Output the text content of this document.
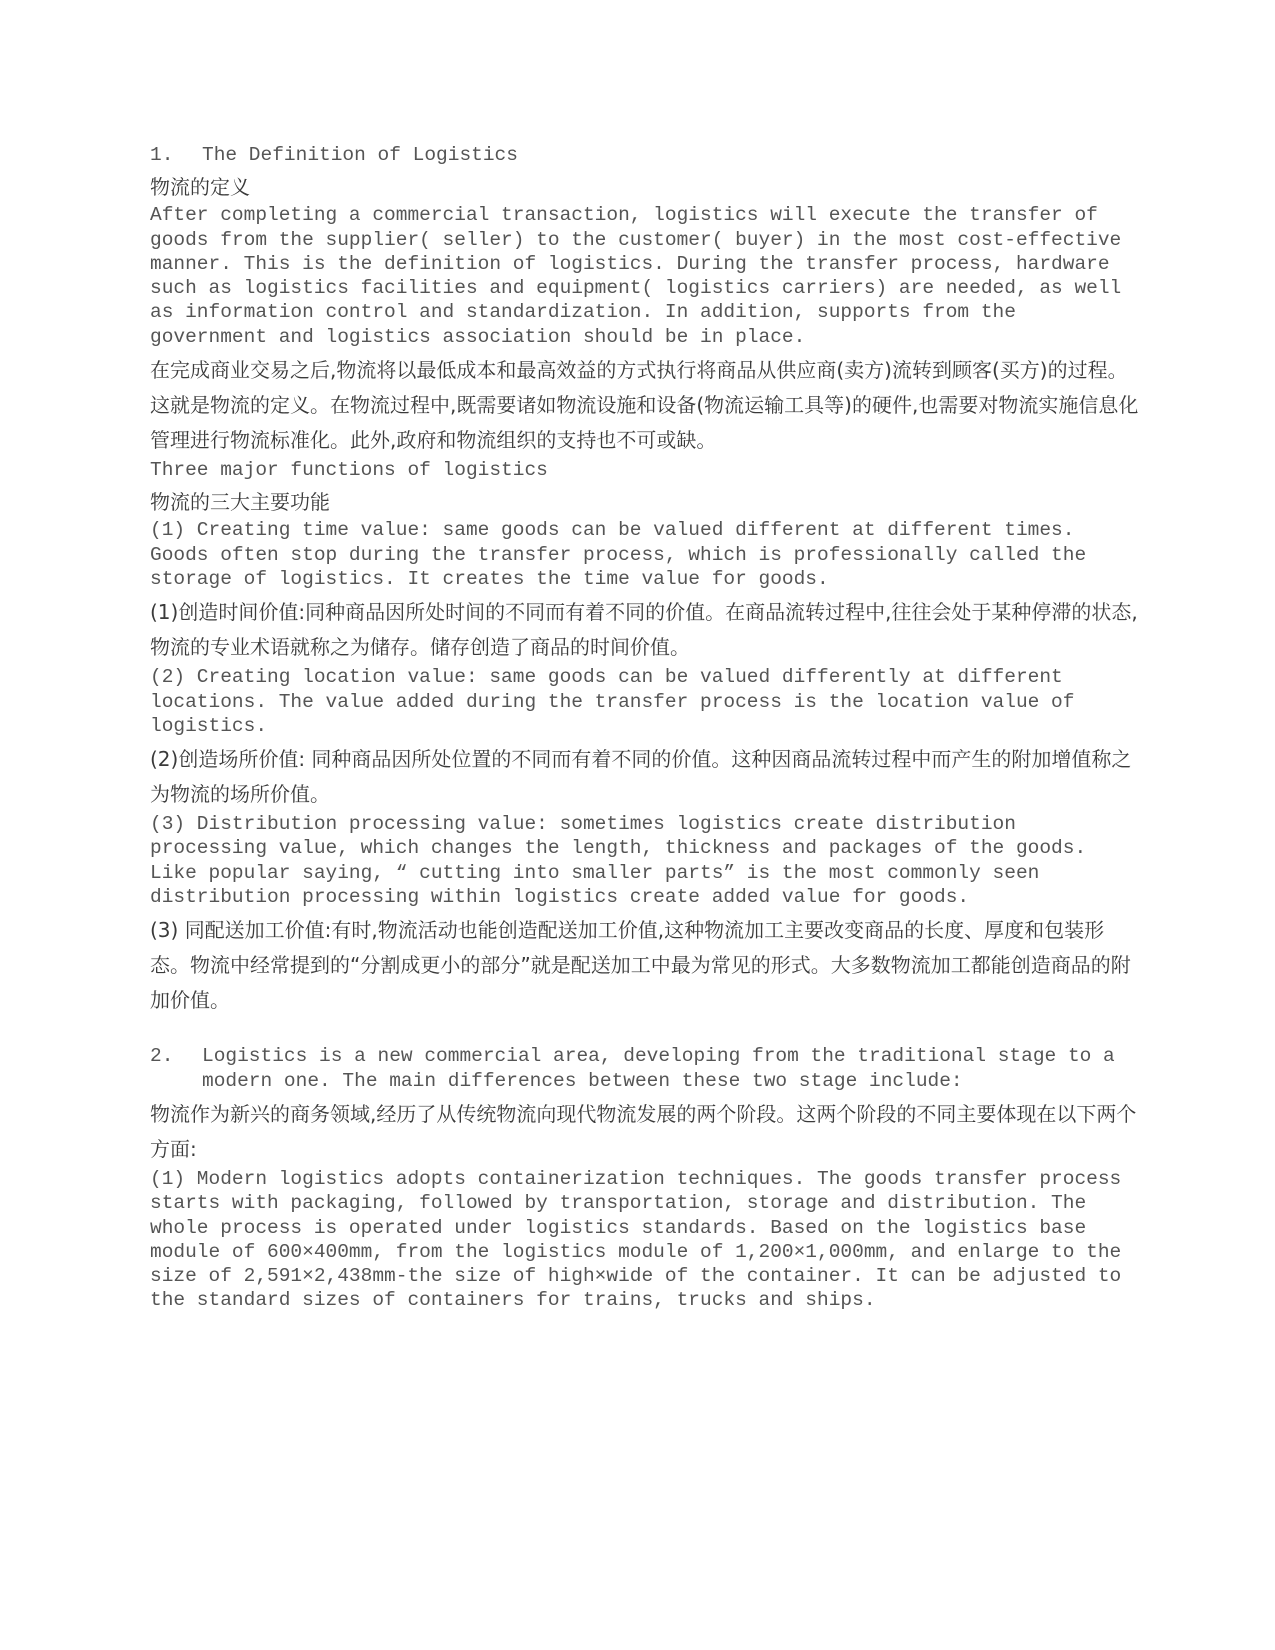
1.	The Definition of Logistics

物流的定义

After completing a commercial transaction, logistics will execute the transfer of goods from the supplier( seller) to the customer( buyer) in the most cost-effective manner. This is the definition of logistics. During the transfer process, hardware such as logistics facilities and equipment( logistics carriers) are needed, as well as information control and standardization. In addition, supports from the government and logistics association should be in place.

在完成商业交易之后,物流将以最低成本和最高效益的方式执行将商品从供应商(卖方)流转到顾客(买方)的过程。这就是物流的定义。在物流过程中,既需要诸如物流设施和设备(物流运输工具等)的硬件,也需要对物流实施信息化管理进行物流标准化。此外,政府和物流组织的支持也不可或缺。

Three major functions of logistics

物流的三大主要功能

(1) Creating time value: same goods can be valued different at different times. Goods often stop during the transfer process, which is professionally called the storage of logistics. It creates the time value for goods.

(1)创造时间价值:同种商品因所处时间的不同而有着不同的价值。在商品流转过程中,往往会处于某种停滞的状态,物流的专业术语就称之为储存。储存创造了商品的时间价值。

(2) Creating location value: same goods can be valued differently at different locations. The value added during the transfer process is the location value of logistics.

(2)创造场所价值: 同种商品因所处位置的不同而有着不同的价值。这种因商品流转过程中而产生的附加增值称之为物流的场所价值。

(3) Distribution processing value: sometimes logistics create distribution processing value, which changes the length, thickness and packages of the goods. Like popular saying, “ cutting into smaller parts” is the most commonly seen distribution processing within logistics create added value for goods.

(3) 同配送加工价值:有时,物流活动也能创造配送加工价值,这种物流加工主要改变商品的长度、厚度和包装形态。物流中经常提到的“分割成更小的部分”就是配送加工中最为常见的形式。大多数物流加工都能创造商品的附加价值。

2.	Logistics is a new commercial area, developing from the traditional stage to a modern one. The main differences between these two stage include:

物流作为新兴的商务领域,经历了从传统物流向现代物流发展的两个阶段。这两个阶段的不同主要体现在以下两个方面:

(1) Modern logistics adopts containerization techniques. The goods transfer process starts with packaging, followed by transportation, storage and distribution. The whole process is operated under logistics standards. Based on the logistics base module of 600×400mm, from the logistics module of 1,200×1,000mm, and enlarge to the size of 2,591×2,438mm-the size of high×wide of the container. It can be adjusted to the standard sizes of containers for trains, trucks and ships.
